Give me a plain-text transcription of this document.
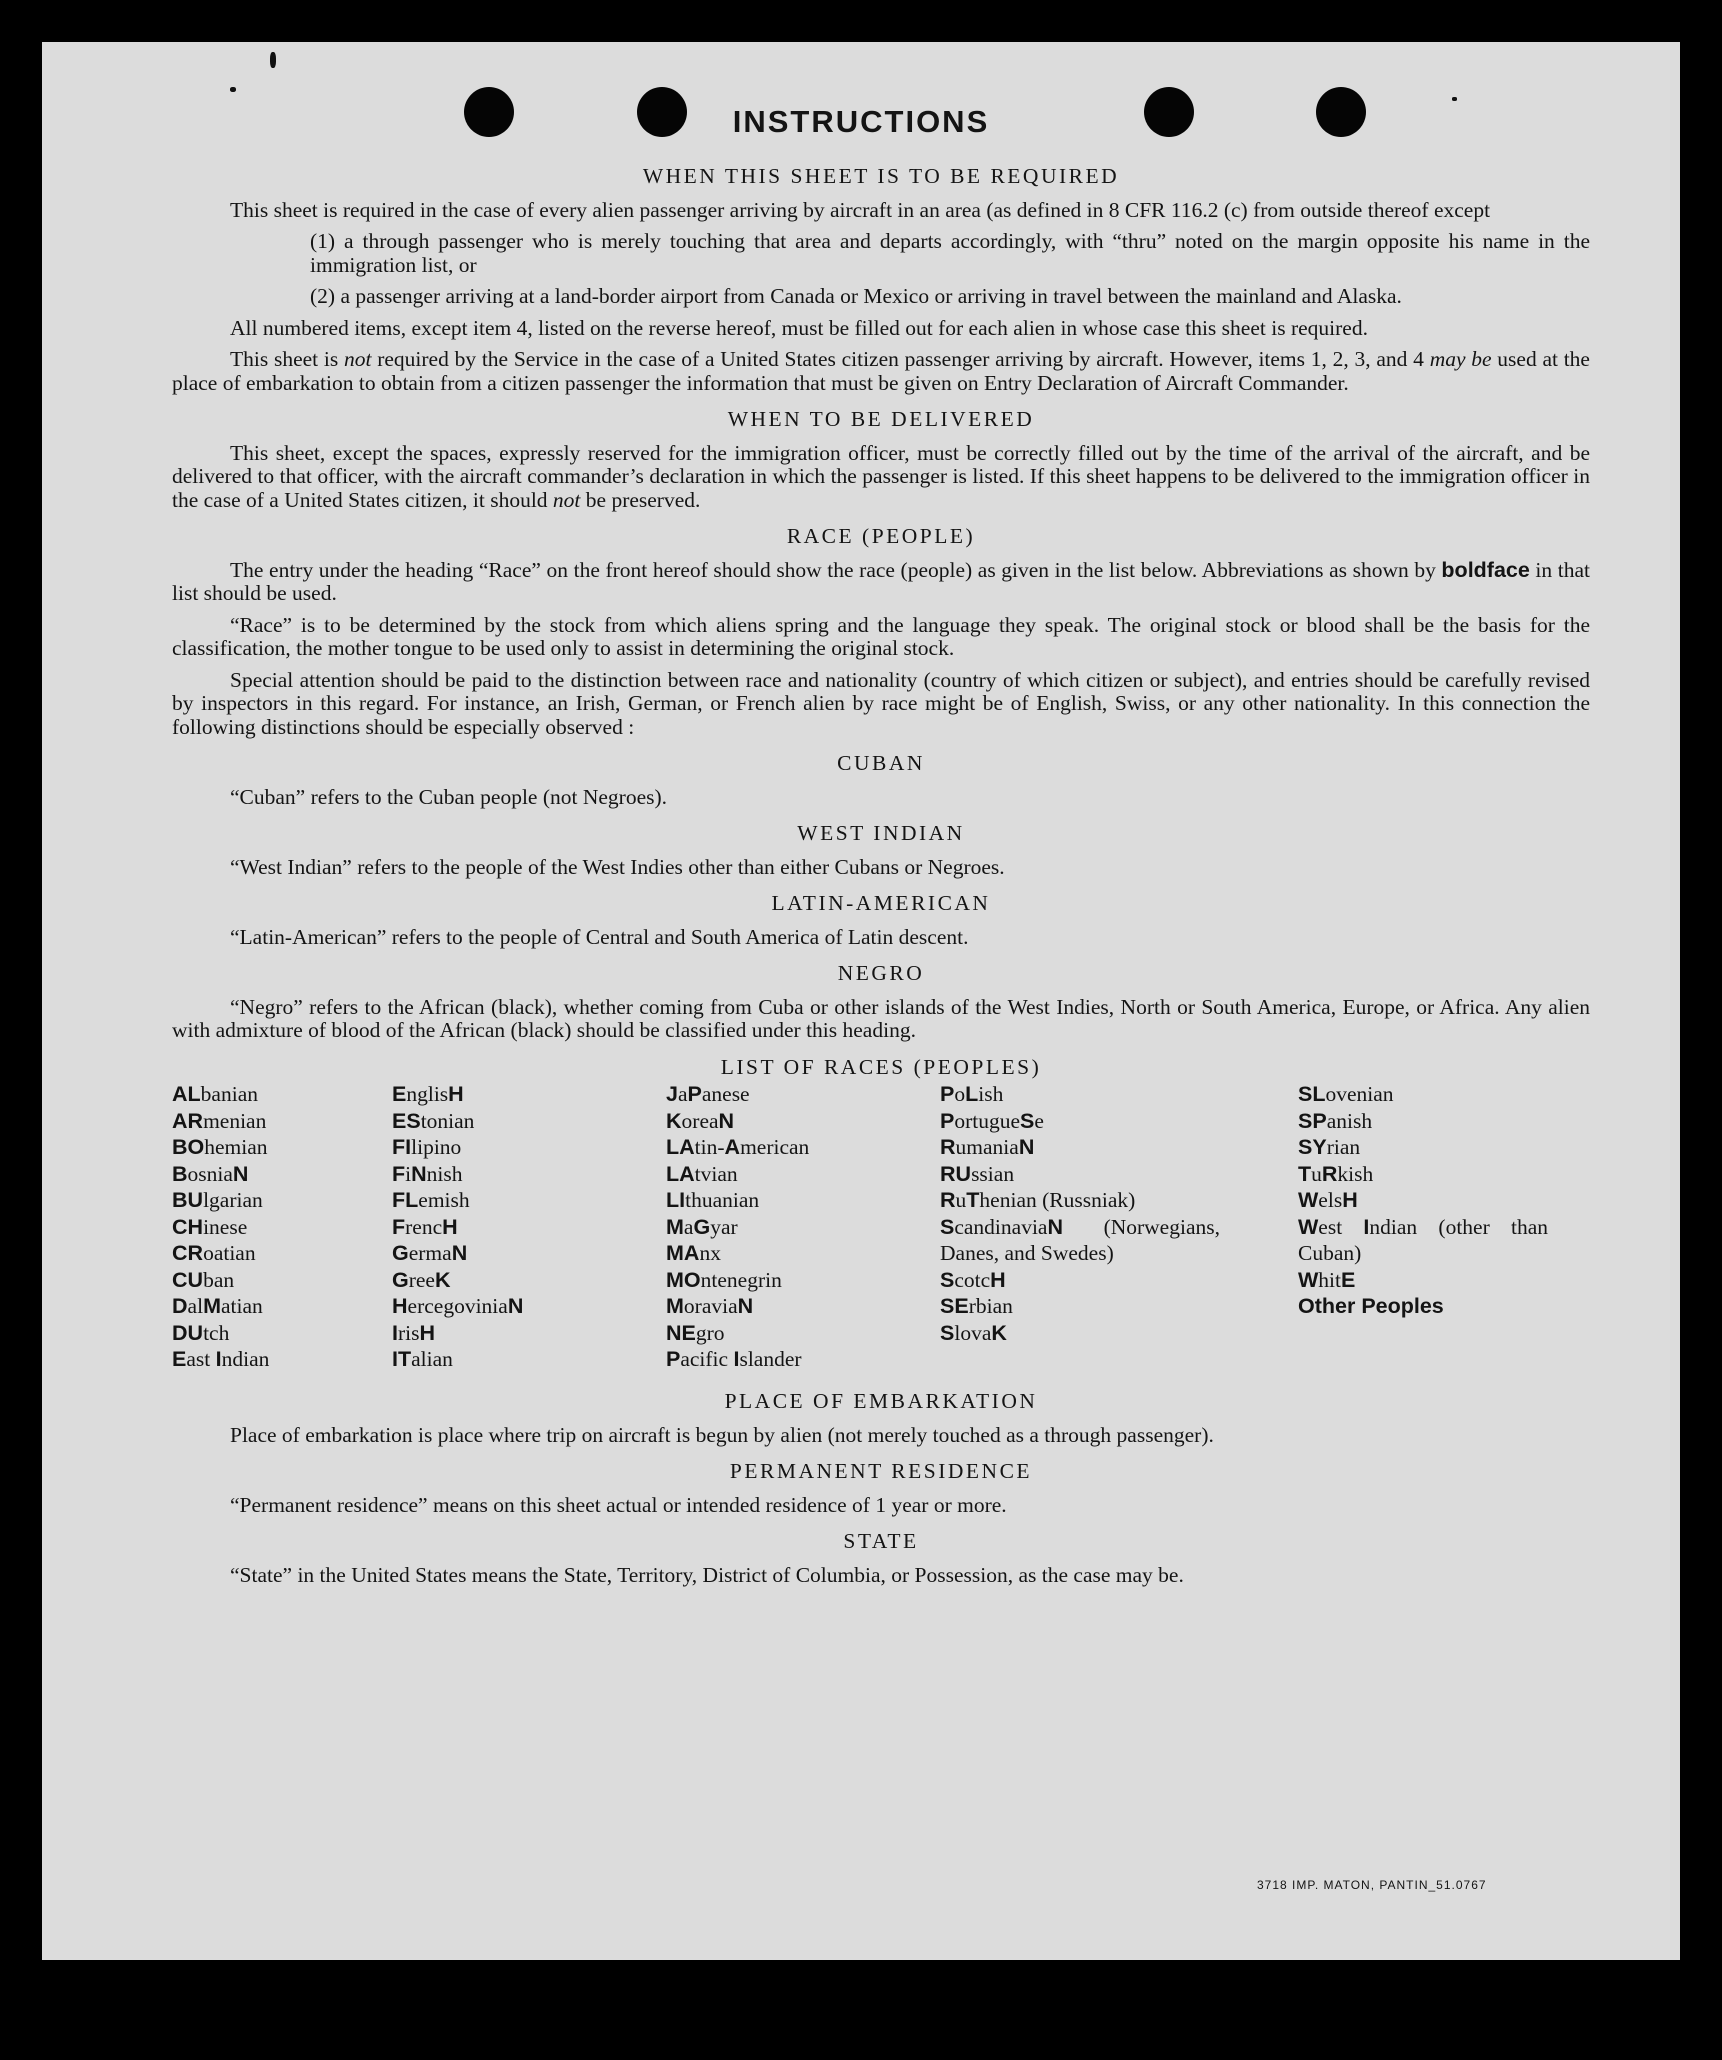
INSTRUCTIONS
WHEN THIS SHEET IS TO BE REQUIRED
This sheet is required in the case of every alien passenger arriving by aircraft in an area (as defined in 8 CFR 116.2 (c) from outside thereof except
(1) a through passenger who is merely touching that area and departs accordingly, with “thru” noted on the margin opposite his name in the immigration list, or
(2) a passenger arriving at a land-border airport from Canada or Mexico or arriving in travel between the mainland and Alaska.
All numbered items, except item 4, listed on the reverse hereof, must be filled out for each alien in whose case this sheet is required.
This sheet is not required by the Service in the case of a United States citizen passenger arriving by aircraft. However, items 1, 2, 3, and 4 may be used at the place of embarkation to obtain from a citizen passenger the information that must be given on Entry Declaration of Aircraft Commander.
WHEN TO BE DELIVERED
This sheet, except the spaces, expressly reserved for the immigration officer, must be correctly filled out by the time of the arrival of the aircraft, and be delivered to that officer, with the aircraft commander’s declaration in which the passenger is listed. If this sheet happens to be delivered to the immigration officer in the case of a United States citizen, it should not be preserved.
RACE (PEOPLE)
The entry under the heading “Race” on the front hereof should show the race (people) as given in the list below. Abbreviations as shown by boldface in that list should be used.
“Race” is to be determined by the stock from which aliens spring and the language they speak. The original stock or blood shall be the basis for the classification, the mother tongue to be used only to assist in determining the original stock.
Special attention should be paid to the distinction between race and nationality (country of which citizen or subject), and entries should be carefully revised by inspectors in this regard. For instance, an Irish, German, or French alien by race might be of English, Swiss, or any other nationality. In this connection the following distinctions should be especially observed :
CUBAN
“Cuban” refers to the Cuban people (not Negroes).
WEST INDIAN
“West Indian” refers to the people of the West Indies other than either Cubans or Negroes.
LATIN-AMERICAN
“Latin-American” refers to the people of Central and South America of Latin descent.
NEGRO
“Negro” refers to the African (black), whether coming from Cuba or other islands of the West Indies, North or South America, Europe, or Africa. Any alien with admixture of blood of the African (black) should be classified under this heading.
LIST OF RACES (PEOPLES)
ALbanian
ARmenian
BOhemian
BosniaN
BUlgarian
CHinese
CRoatian
CUban
DalMatian
DUtch
East Indian
EnglisH
EStonian
FIlipino
FiNnish
FLemish
FrencH
GermaN
GreeK
HercegoviniaN
IrisH
ITalian
JaPanese
KoreaN
LAtin-American
LAtvian
LIthuanian
MaGyar
MAnx
MOntenegrin
MoraviaN
NEgro
Pacific Islander
PoLish
PortugueSe
RumaniaN
RUssian
RuThenian (Russniak)
ScandinaviaN (Norwegians, Danes, and Swedes)
ScotcH
SErbian
SlovaK
SLovenian
SPanish
SYrian
TuRkish
WelsH
West Indian (other than Cuban)
WhitE
Other Peoples
PLACE OF EMBARKATION
Place of embarkation is place where trip on aircraft is begun by alien (not merely touched as a through passenger).
PERMANENT RESIDENCE
“Permanent residence” means on this sheet actual or intended residence of 1 year or more.
STATE
“State” in the United States means the State, Territory, District of Columbia, or Possession, as the case may be.
3718 IMP. MATON, PANTIN_51.0767
